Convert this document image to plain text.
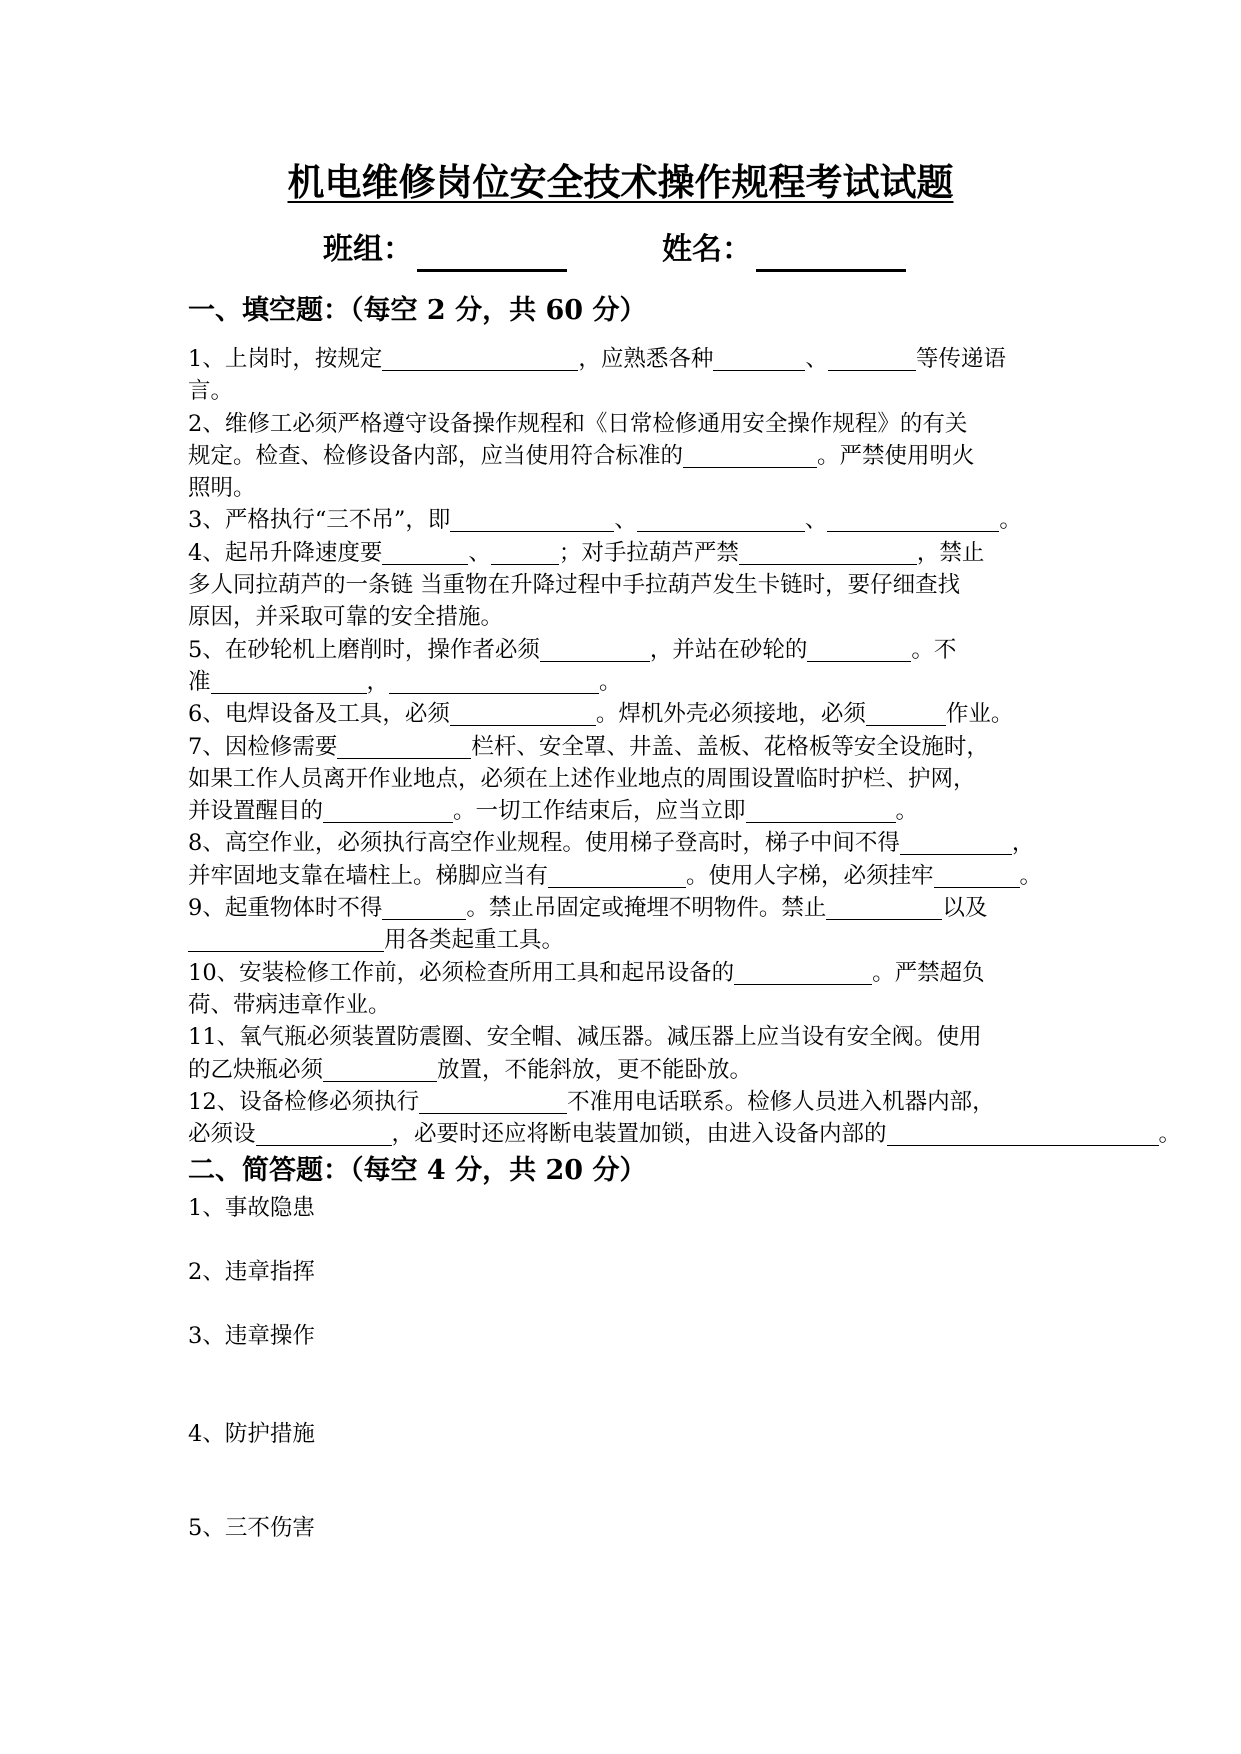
机电维修岗位安全技术操作规程考试试题
班组：	姓名：
一、填空题：（每空 2 分，共 60 分）
1、上岗时，按规定	，应熟悉各种	、	等传递语
言。
2、维修工必须严格遵守设备操作规程和《日常检修通用安全操作规程》的有关
规定。检查、检修设备内部，应当使用符合标准的	。严禁使用明火
照明。
3、严格执行“三不吊”，即	、	、	。
4、起吊升降速度要	、	；对手拉葫芦严禁	，禁止
多人同拉葫芦的一条链 当重物在升降过程中手拉葫芦发生卡链时，要仔细查找
原因，并采取可靠的安全措施。
5、在砂轮机上磨削时，操作者必须	，并站在砂轮的	。不
准	，	。
6、电焊设备及工具，必须	。焊机外壳必须接地，必须	作业。
7、因检修需要	栏杆、安全罩、井盖、盖板、花格板等安全设施时，
如果工作人员离开作业地点，必须在上述作业地点的周围设置临时护栏、护网，
并设置醒目的	。一切工作结束后，应当立即	。
8、高空作业，必须执行高空作业规程。使用梯子登高时，梯子中间不得	，
并牢固地支靠在墙柱上。梯脚应当有	。使用人字梯，必须挂牢	。
9、起重物体时不得	。禁止吊固定或掩埋不明物件。禁止	以及
用各类起重工具。
10、安装检修工作前，必须检查所用工具和起吊设备的	。严禁超负
荷、带病违章作业。
11、氧气瓶必须装置防震圈、安全帽、减压器。减压器上应当设有安全阀。使用
的乙炔瓶必须	放置，不能斜放，更不能卧放。
12、设备检修必须执行	不准用电话联系。检修人员进入机器内部，
必须设	，必要时还应将断电装置加锁，由进入设备内部的	。
二、简答题：（每空 4 分，共 20 分）
1、事故隐患
2、违章指挥
3、违章操作
4、防护措施
5、三不伤害
